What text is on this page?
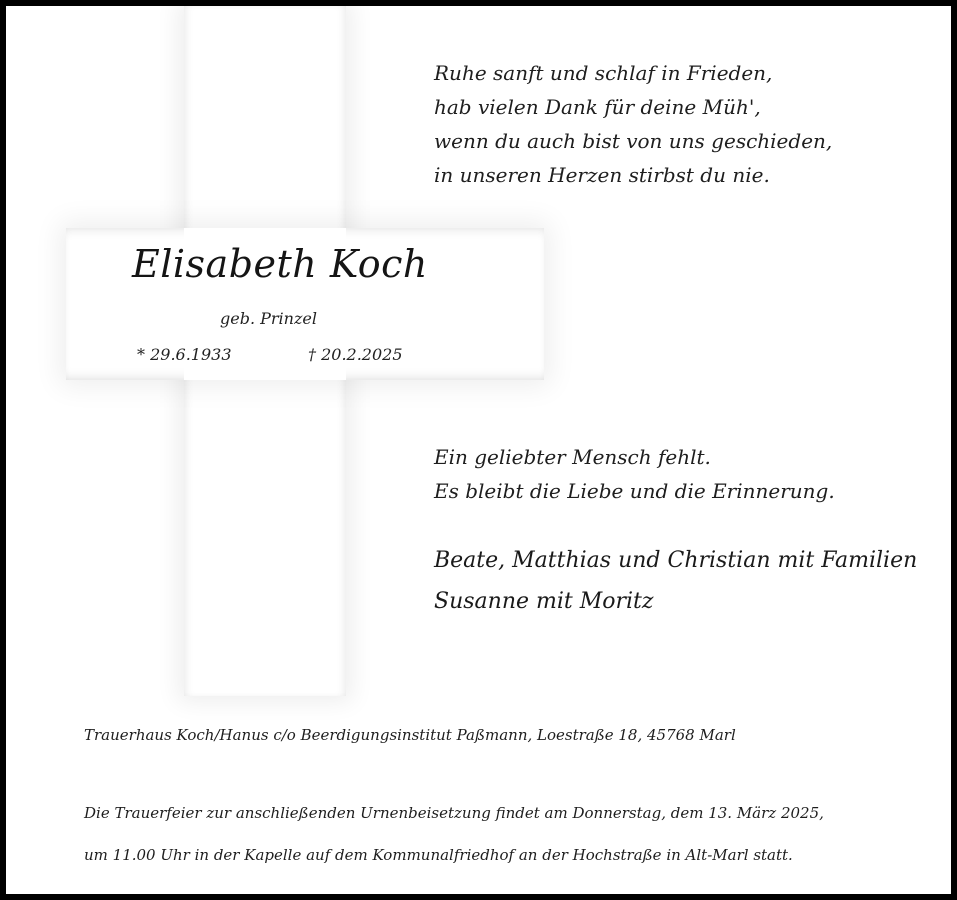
Ruhe sanft und schlaf in Frieden,
hab vielen Dank für deine Müh',
wenn du auch bist von uns geschieden,
in unseren Herzen stirbst du nie.
Elisabeth Koch
geb. Prinzel
* 29.6.1933	† 20.2.2025
Ein geliebter Mensch fehlt.
Es bleibt die Liebe und die Erinnerung.
Beate, Matthias und Christian mit Familien
Susanne mit Moritz
Trauerhaus Koch/Hanus c/o Beerdigungsinstitut Paßmann, Loestraße 18, 45768 Marl
Die Trauerfeier zur anschließenden Urnenbeisetzung findet am Donnerstag, dem 13. März 2025,
um 11.00 Uhr in der Kapelle auf dem Kommunalfriedhof an der Hochstraße in Alt-Marl statt.
